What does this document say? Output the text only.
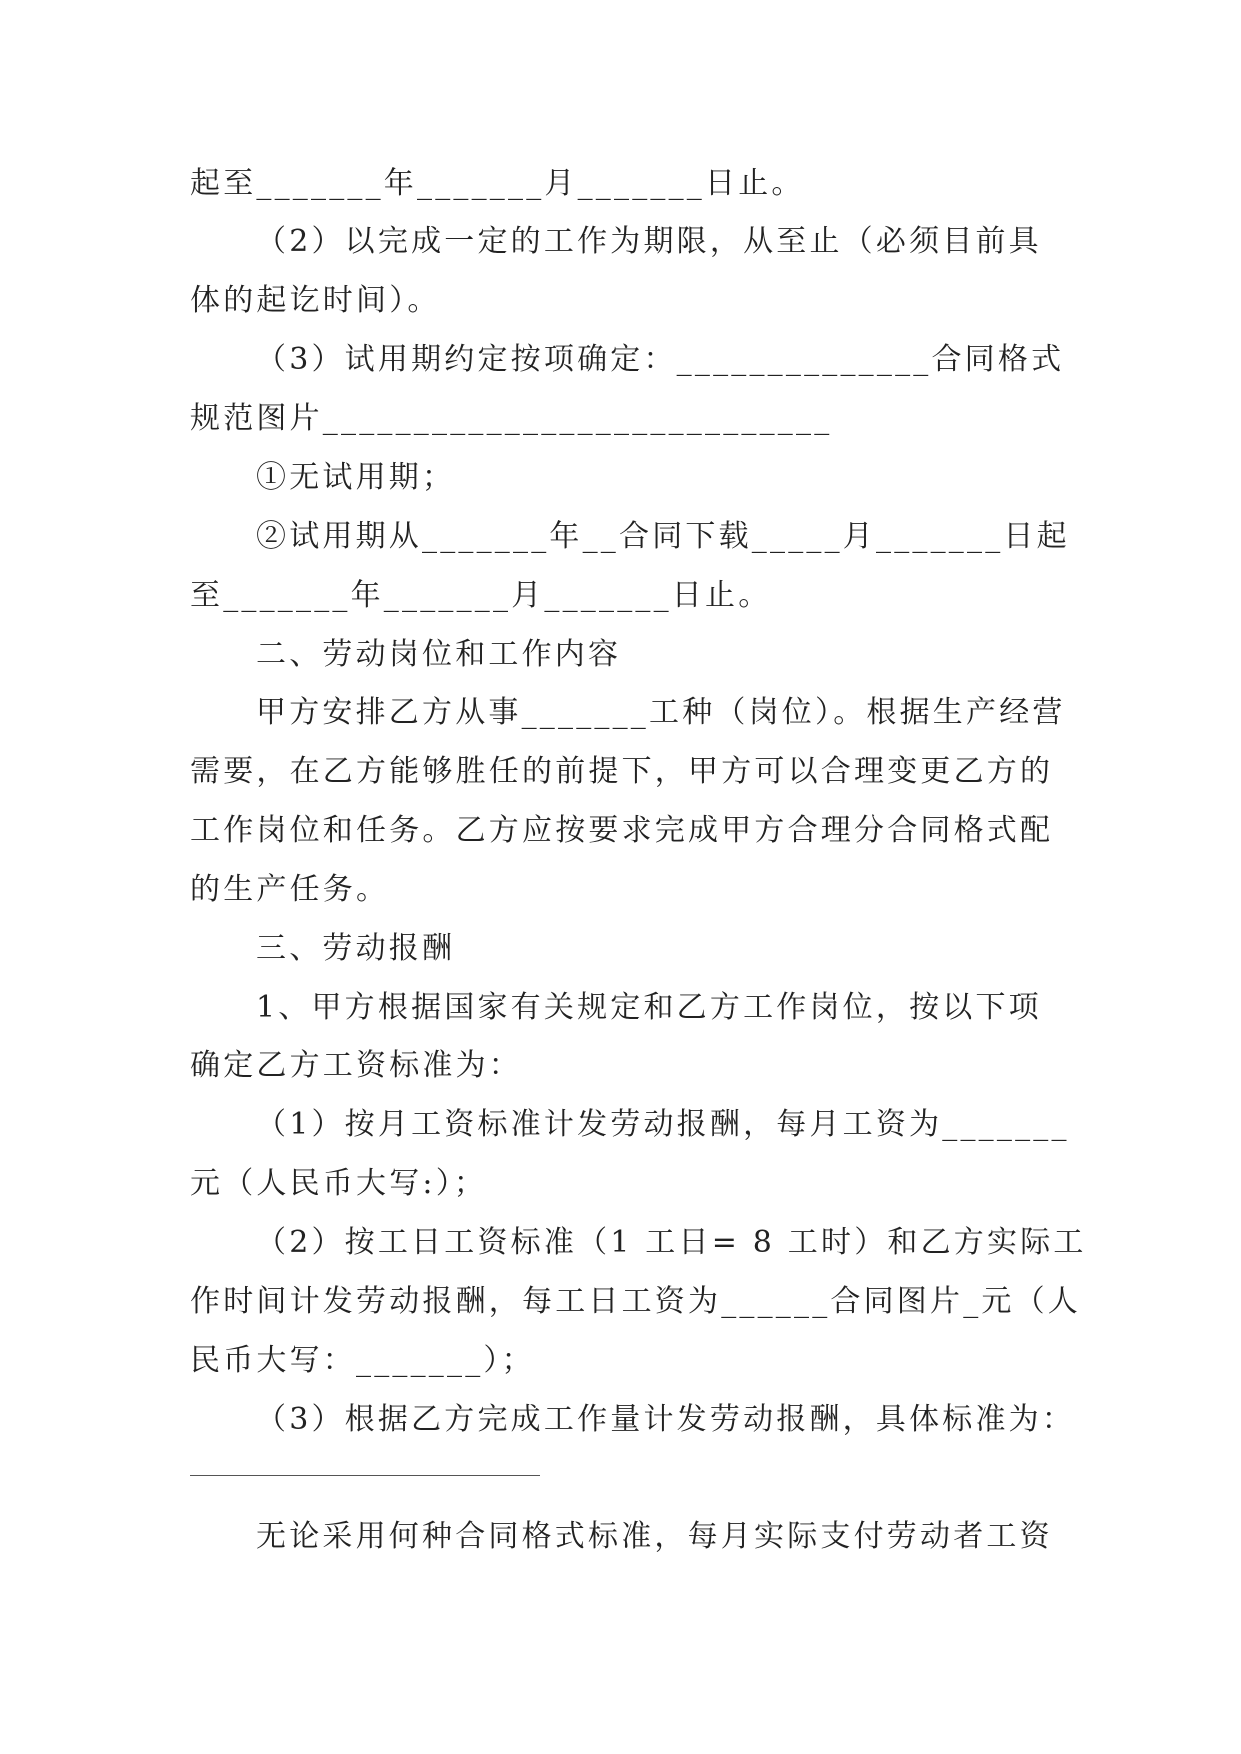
起至_______年_______月_______日止。

（2）以完成一定的工作为期限，从至止（必须目前具

体的起讫时间）。

（3）试用期约定按项确定：______________合同格式

规范图片____________________________

①无试用期；

②试用期从_______年__合同下载_____月_______日起

至_______年_______月_______日止。

二、劳动岗位和工作内容

甲方安排乙方从事_______工种（岗位）。根据生产经营

需要，在乙方能够胜任的前提下，甲方可以合理变更乙方的

工作岗位和任务。乙方应按要求完成甲方合理分合同格式配

的生产任务。

三、劳动报酬

1、甲方根据国家有关规定和乙方工作岗位，按以下项

确定乙方工资标准为：

（1）按月工资标准计发劳动报酬，每月工资为_______

元（人民币大写:）；

（2）按工日工资标准（1 工日= 8 工时）和乙方实际工

作时间计发劳动报酬，每工日工资为______合同图片_元（人

民币大写：_______）；

（3）根据乙方完成工作量计发劳动报酬，具体标准为：

无论采用何种合同格式标准，每月实际支付劳动者工资
